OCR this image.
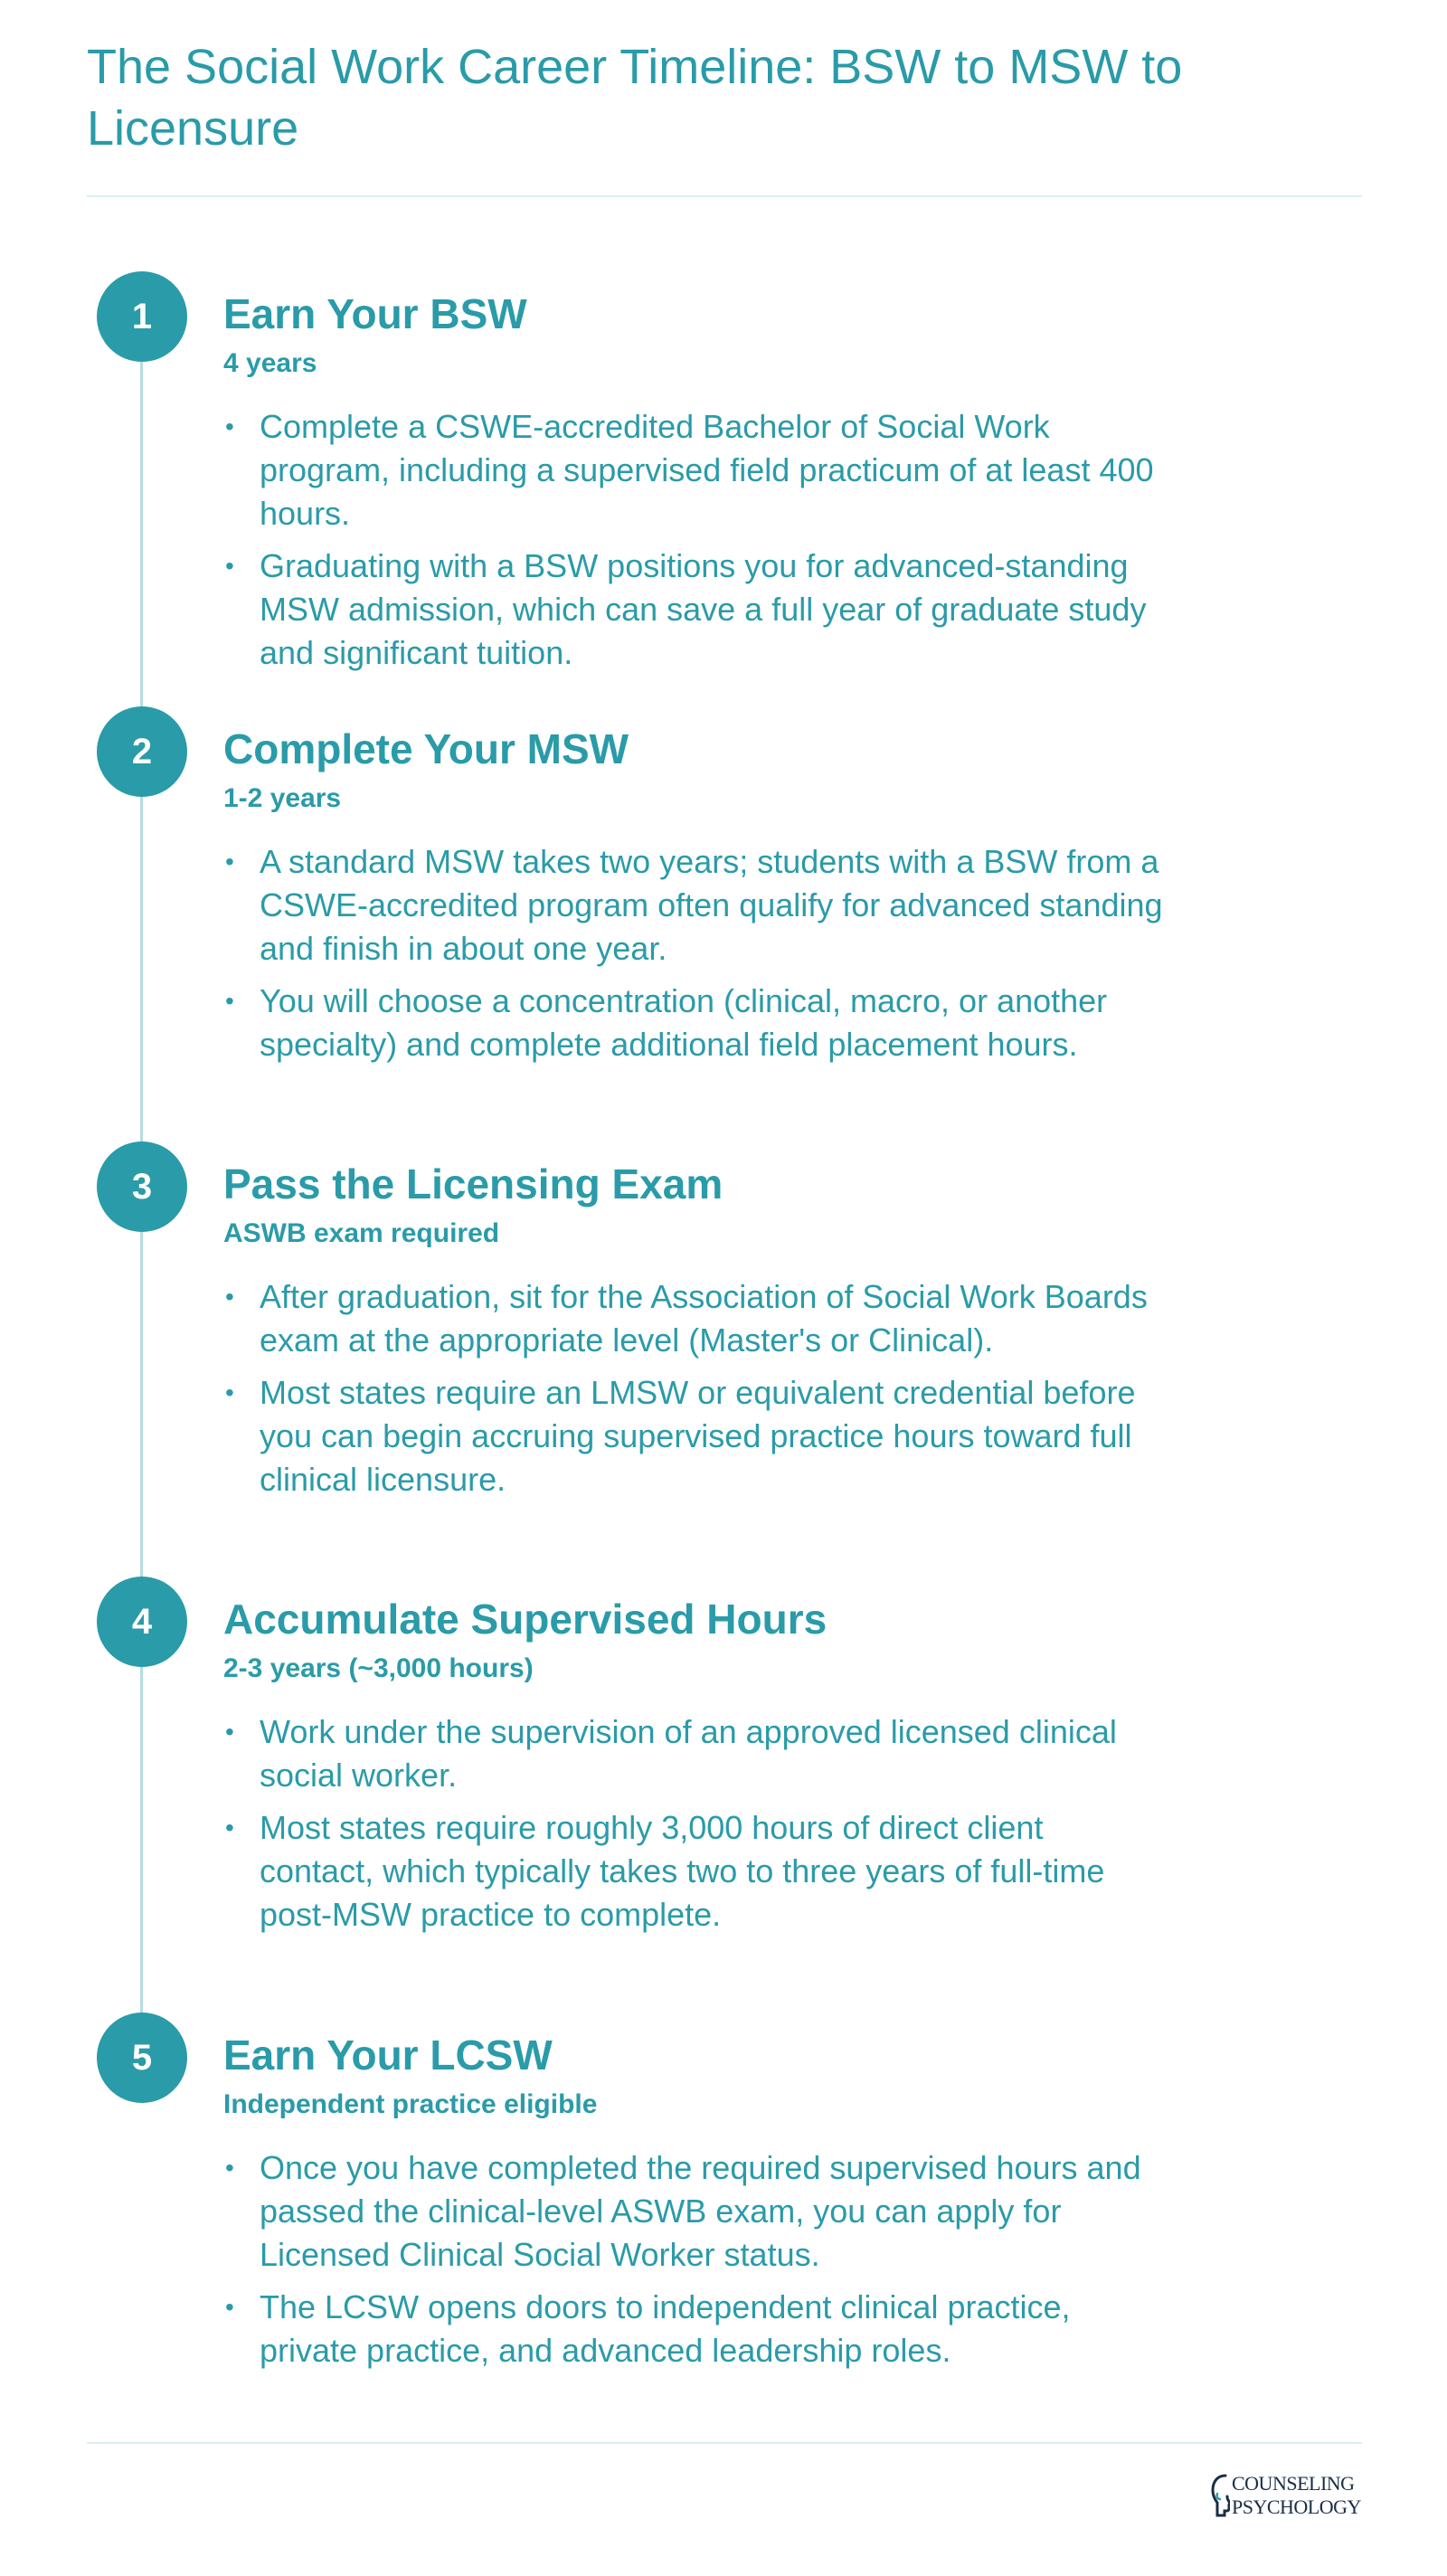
The Social Work Career Timeline: BSW to MSW to Licensure
1	Earn Your BSW
4 years
• Complete a CSWE-accredited Bachelor of Social Work program, including a supervised field practicum of at least 400 hours.
• Graduating with a BSW positions you for advanced-standing MSW admission, which can save a full year of graduate study and significant tuition.
2	Complete Your MSW
1-2 years
• A standard MSW takes two years; students with a BSW from a CSWE-accredited program often qualify for advanced standing and finish in about one year.
• You will choose a concentration (clinical, macro, or another specialty) and complete additional field placement hours.
3	Pass the Licensing Exam
ASWB exam required
• After graduation, sit for the Association of Social Work Boards exam at the appropriate level (Master's or Clinical).
• Most states require an LMSW or equivalent credential before you can begin accruing supervised practice hours toward full clinical licensure.
4	Accumulate Supervised Hours
2-3 years (~3,000 hours)
• Work under the supervision of an approved licensed clinical social worker.
• Most states require roughly 3,000 hours of direct client contact, which typically takes two to three years of full-time post-MSW practice to complete.
5	Earn Your LCSW
Independent practice eligible
• Once you have completed the required supervised hours and passed the clinical-level ASWB exam, you can apply for Licensed Clinical Social Worker status.
• The LCSW opens doors to independent clinical practice, private practice, and advanced leadership roles.
COUNSELING
PSYCHOLOGY
